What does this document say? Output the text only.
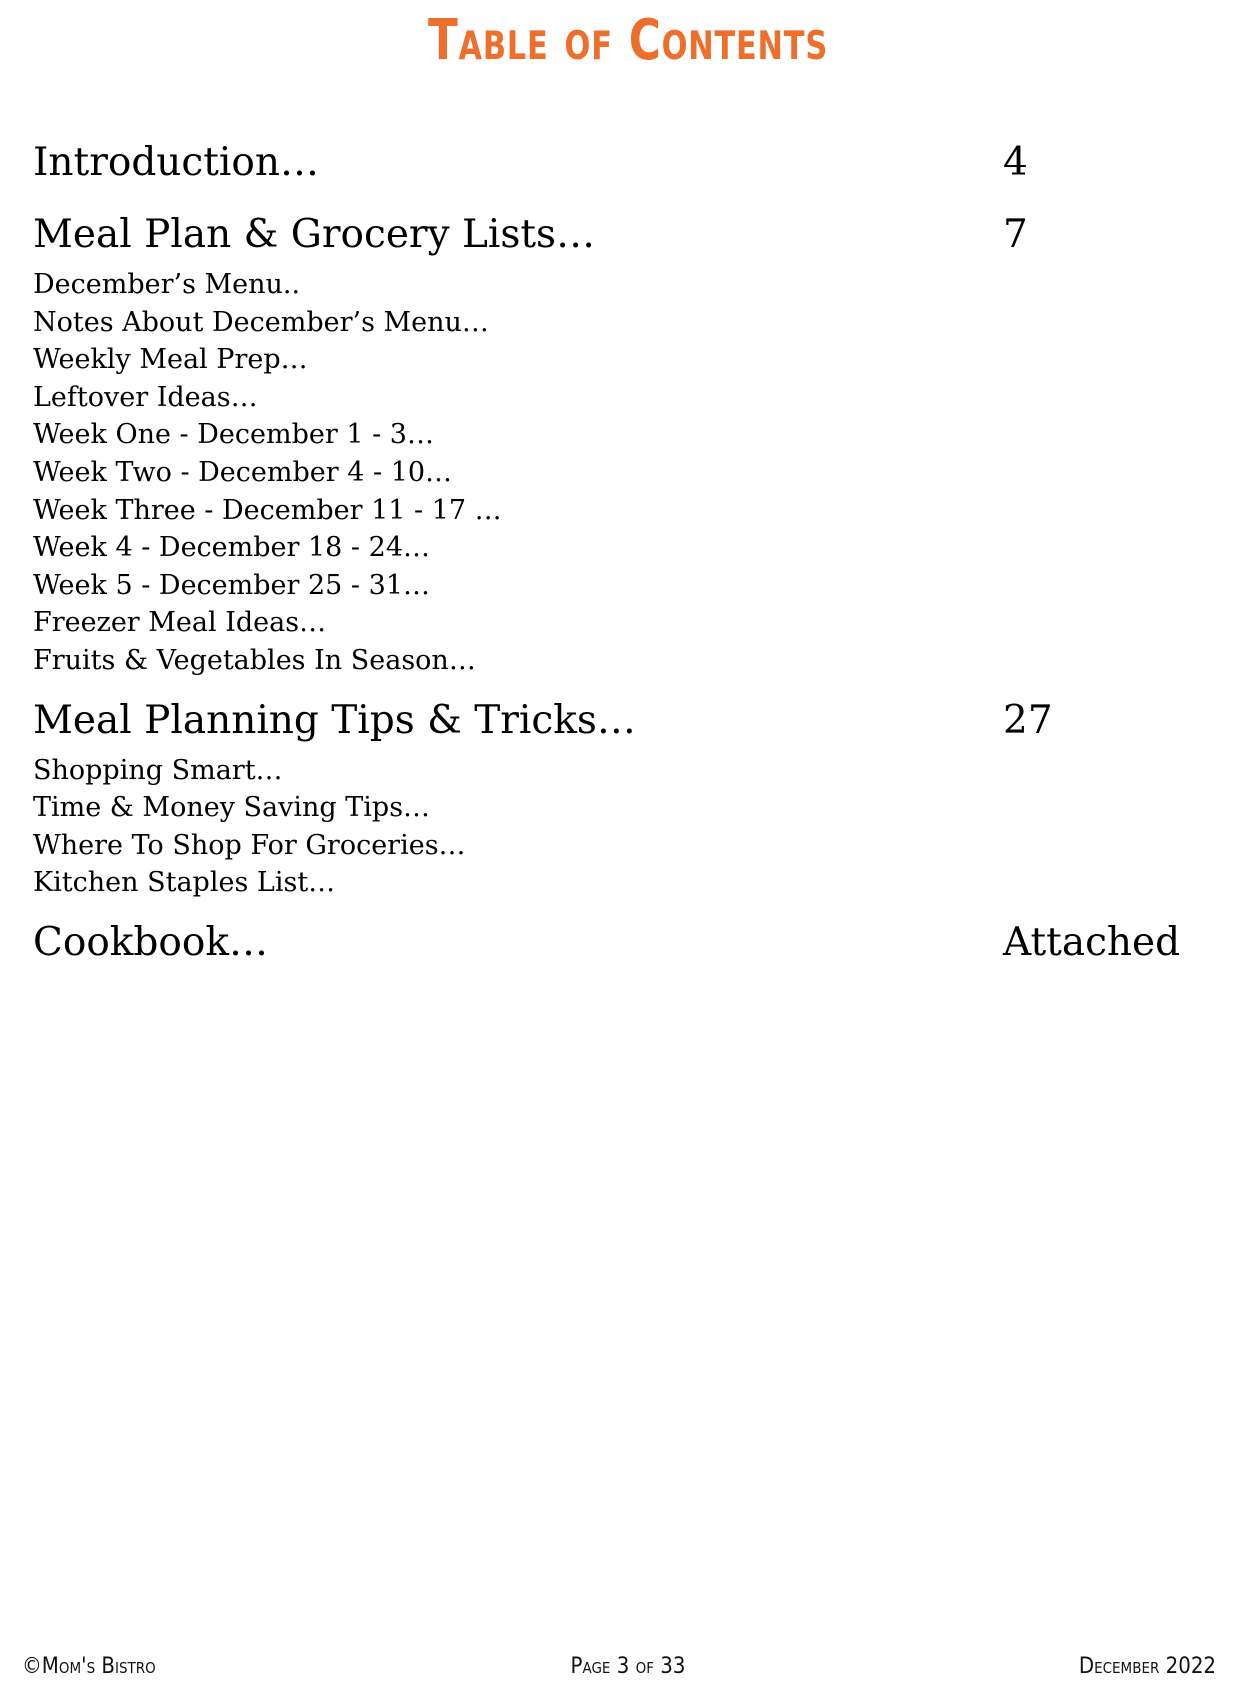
Table of Contents
Introduction…	4
Meal Plan & Grocery Lists…	7
December’s Menu..
Notes About December’s Menu…
Weekly Meal Prep…
Leftover Ideas…
Week One - December 1 - 3…
Week Two - December 4 - 10…
Week Three - December 11 - 17 …
Week 4 - December 18 - 24…
Week 5 - December 25 - 31…
Freezer Meal Ideas…
Fruits & Vegetables In Season…
Meal Planning Tips & Tricks…	27
Shopping Smart…
Time & Money Saving Tips…
Where To Shop For Groceries…
Kitchen Staples List…
Cookbook…	Attached
©Mom's Bistro	Page 3 of 33	December 2022
